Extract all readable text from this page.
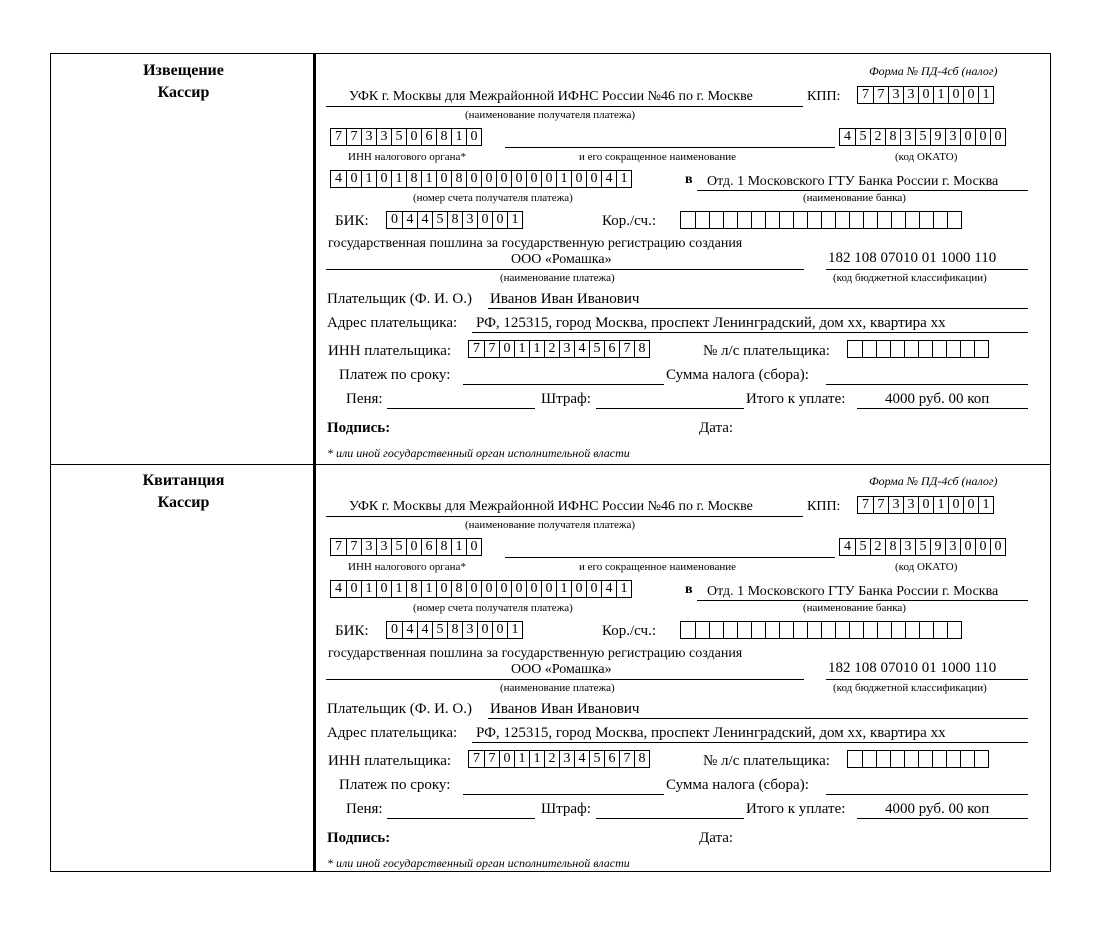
Извещение
Кассир
Форма № ПД-4сб (налог)
УФК г. Москвы для Межрайонной ИФНС России №46 по г. Москве	КПП: 7 7 3 3 0 1 0 0 1
(наименование получателя платежа)
7 7 3 3 5 0 6 8 1 0	4 5 2 8 3 5 9 3 0 0 0
ИНН налогового органа*	и его сокращенное наименование	(код ОКАТО)
4 0 1 0 1 8 1 0 8 0 0 0 0 0 0 1 0 0 4 1	в Отд. 1 Московского ГТУ Банка России г. Москва
(номер счета получателя платежа)	(наименование банка)
БИК: 0 4 4 5 8 3 0 0 1	Кор./сч.:
государственная пошлина за государственную регистрацию создания
ООО «Ромашка»	182 108 07010 01 1000 110
(наименование платежа)	(код бюджетной классификации)
Плательщик (Ф. И. О.) Иванов Иван Иванович
Адрес плательщика: РФ, 125315, город Москва, проспект Ленинградский, дом хх, квартира хх
ИНН плательщика: 7 7 0 1 1 2 3 4 5 6 7 8	№ л/с плательщика:
Платеж по сроку:	Сумма налога (сбора):
Пеня:	Штраф:	Итого к уплате:	4000 руб. 00 коп
Подпись:	Дата:
* или иной государственный орган исполнительной власти
Квитанция
Кассир
Форма № ПД-4сб (налог)
УФК г. Москвы для Межрайонной ИФНС России №46 по г. Москве	КПП: 7 7 3 3 0 1 0 0 1
(наименование получателя платежа)
7 7 3 3 5 0 6 8 1 0	4 5 2 8 3 5 9 3 0 0 0
ИНН налогового органа*	и его сокращенное наименование	(код ОКАТО)
4 0 1 0 1 8 1 0 8 0 0 0 0 0 0 1 0 0 4 1	в Отд. 1 Московского ГТУ Банка России г. Москва
(номер счета получателя платежа)	(наименование банка)
БИК: 0 4 4 5 8 3 0 0 1	Кор./сч.:
государственная пошлина за государственную регистрацию создания
ООО «Ромашка»	182 108 07010 01 1000 110
(наименование платежа)	(код бюджетной классификации)
Плательщик (Ф. И. О.) Иванов Иван Иванович
Адрес плательщика: РФ, 125315, город Москва, проспект Ленинградский, дом хх, квартира хх
ИНН плательщика: 7 7 0 1 1 2 3 4 5 6 7 8	№ л/с плательщика:
Платеж по сроку:	Сумма налога (сбора):
Пеня:	Штраф:	Итого к уплате:	4000 руб. 00 коп
Подпись:	Дата:
* или иной государственный орган исполнительной власти
